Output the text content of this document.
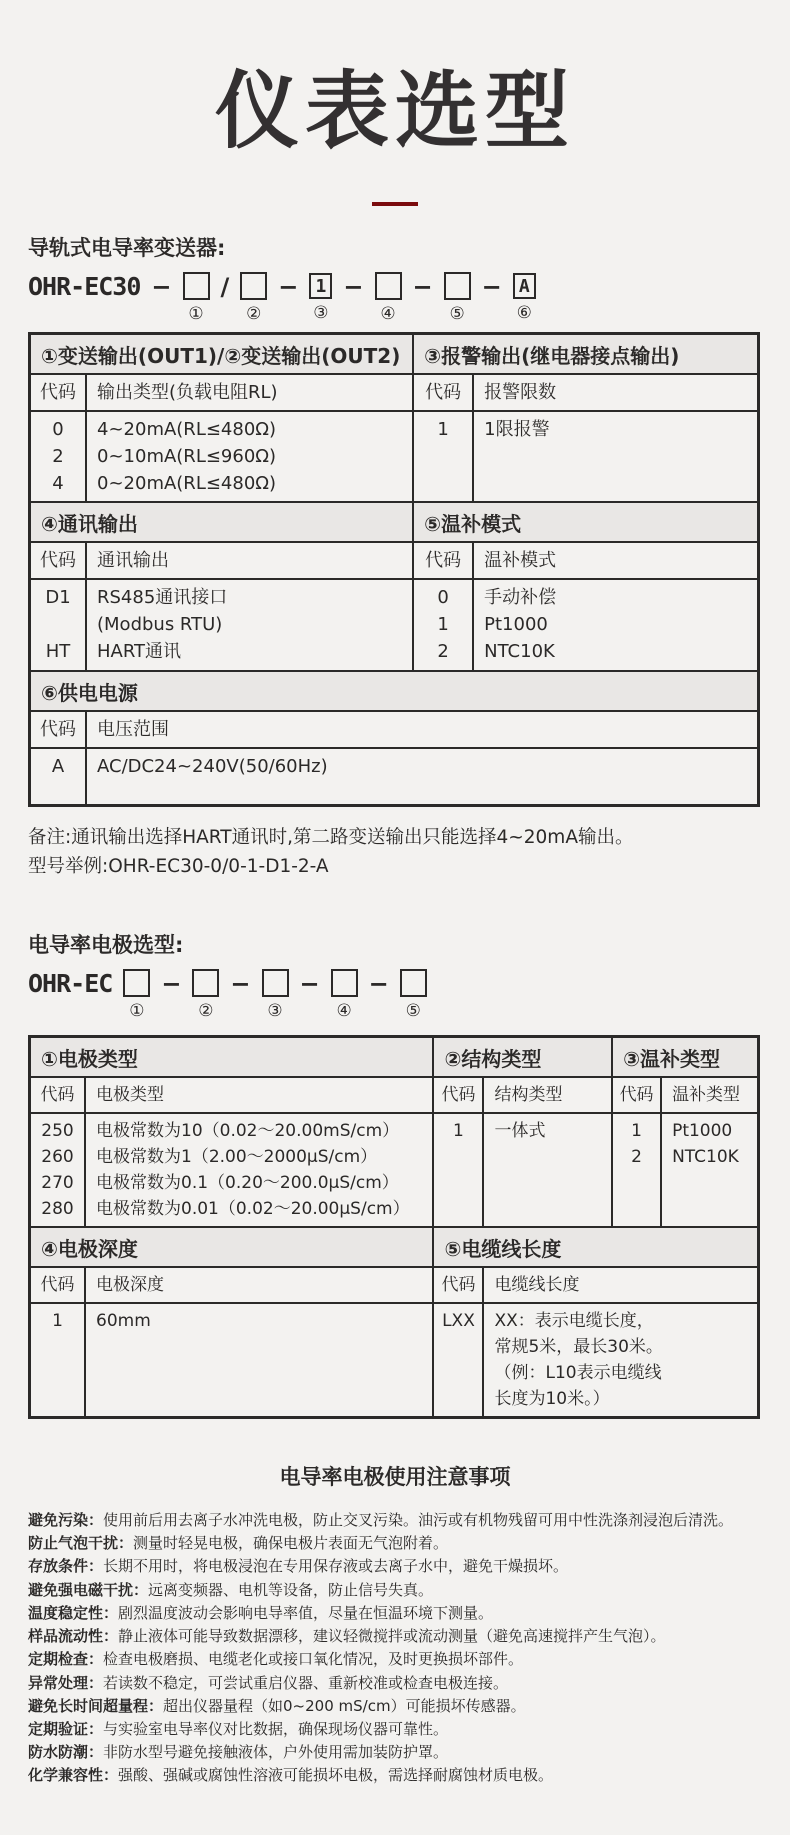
仪表选型
导轨式电导率变送器:
OHR-EC30 −
①
/
②
− 1
③
−
④
−
⑤
− A
⑥
①变送输出(OUT1)/②变送输出(OUT2)	③报警输出(继电器接点输出)
代码	输出类型(负载电阻RL)	代码	报警限数
0	4~20mA(RL≤480Ω)
2	0~10mA(RL≤960Ω)
4	0~20mA(RL≤480Ω)
1	1限报警
④通讯输出	⑤温补模式
代码	通讯输出	代码	温补模式
D1	RS485通讯接口
(Modbus RTU)
HT	HART通讯
0	手动补偿
1	Pt1000
2	NTC10K
⑥供电电源
代码	电压范围
A	AC/DC24~240V(50/60Hz)

备注:通讯输出选择HART通讯时,第二路变送输出只能选择4~20mA输出。

型号举例:OHR-EC30-0/0-1-D1-2-A

电导率电极选型:
OHR-EC
①
−
②
−
③
−
④
−
⑤
①电极类型	②结构类型	③温补类型
代码	电极类型	代码	结构类型	代码	温补类型
250	电极常数为10（0.02～20.00mS/cm）
260	电极常数为1（2.00～2000μS/cm）
270	电极常数为0.1（0.20～200.0μS/cm）
280	电极常数为0.01（0.02～20.00μS/cm）
1	一体式	1	Pt1000
2	NTC10K
④电极深度	⑤电缆线长度
代码	电极深度	代码	电缆线长度
1	60mm	LXX	XX：表示电缆长度，
常规5米，最长30米。
（例：L10表示电缆线
长度为10米。）
电导率电极使用注意事项

避免污染：使用前后用去离子水冲洗电极，防止交叉污染。油污或有机物残留可用中性洗涤剂浸泡后清洗。

防止气泡干扰：测量时轻晃电极，确保电极片表面无气泡附着。

存放条件：长期不用时，将电极浸泡在专用保存液或去离子水中，避免干燥损坏。

避免强电磁干扰：远离变频器、电机等设备，防止信号失真。

温度稳定性：剧烈温度波动会影响电导率值，尽量在恒温环境下测量。

样品流动性：静止液体可能导致数据漂移，建议轻微搅拌或流动测量（避免高速搅拌产生气泡）。

定期检查：检查电极磨损、电缆老化或接口氧化情况，及时更换损坏部件。

异常处理：若读数不稳定，可尝试重启仪器、重新校准或检查电极连接。

避免长时间超量程：超出仪器量程（如0~200 mS/cm）可能损坏传感器。

定期验证：与实验室电导率仪对比数据，确保现场仪器可靠性。

防水防潮：非防水型号避免接触液体，户外使用需加装防护罩。

化学兼容性：强酸、强碱或腐蚀性溶液可能损坏电极，需选择耐腐蚀材质电极。
